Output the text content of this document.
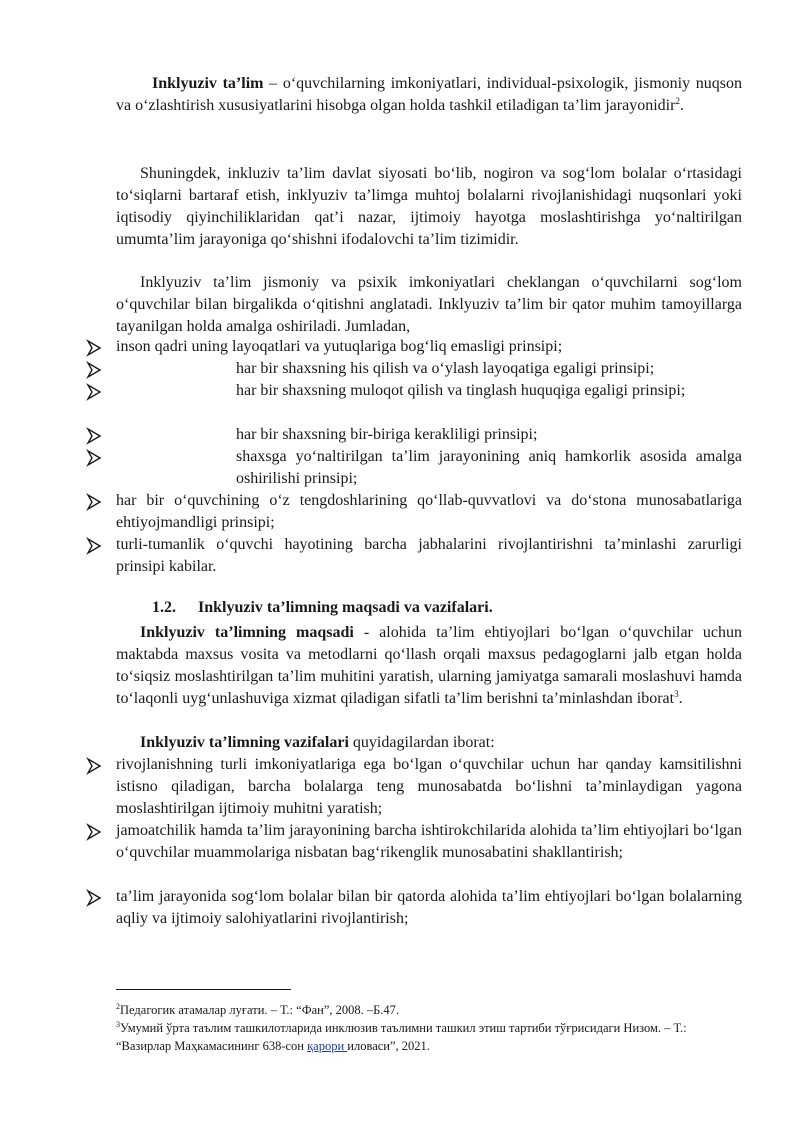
Inklyuziv ta’lim – o‘quvchilarning imkoniyatlari, individual-psixologik, jismoniy nuqson va o‘zlashtirish xususiyatlarini hisobga olgan holda tashkil etiladigan ta’lim jarayonidir$^2$.
Shuningdek, inkluziv ta’lim davlat siyosati bo‘lib, nogiron va sog‘lom bolalar o‘rtasidagi to‘siqlarni bartaraf etish, inklyuziv ta’limga muhtoj bolalarni rivojlanishidagi nuqsonlari yoki iqtisodiy qiyinchiliklaridan qat’i nazar, ijtimoiy hayotga moslashtirishga yo‘naltirilgan umumta’lim jarayoniga qo‘shishni ifodalovchi ta’lim tizimidir.
Inklyuziv ta’lim jismoniy va psixik imkoniyatlari cheklangan o‘quvchilarni sog‘lom o‘quvchilar bilan birgalikda o‘qitishni anglatadi. Inklyuziv ta’lim bir qator muhim tamoyillarga tayanilgan holda amalga oshiriladi. Jumladan,
inson qadri uning layoqatlari va yutuqlariga bog‘liq emasligi prinsipi;
har bir shaxsning his qilish va o‘ylash layoqatiga egaligi prinsipi;
har bir shaxsning muloqot qilish va tinglash huquqiga egaligi prinsipi;
har bir shaxsning bir-biriga kerakliligi prinsipi;
shaxsga yo‘naltirilgan ta’lim jarayonining aniq hamkorlik asosida amalga oshirilishi prinsipi;
har bir o‘quvchining o‘z tengdoshlarining qo‘llab-quvvatlovi va do‘stona munosabatlariga ehtiyojmandligi prinsipi;
turli-tumanlik o‘quvchi hayotining barcha jabhalarini rivojlantirishni ta’minlashi zarurligi prinsipi kabilar.
1.2. Inklyuziv ta’limning maqsadi va vazifalari.
Inklyuziv ta’limning maqsadi - alohida ta’lim ehtiyojlari bo‘lgan o‘quvchilar uchun maktabda maxsus vosita va metodlarni qo‘llash orqali maxsus pedagoglarni jalb etgan holda to‘siqsiz moslashtirilgan ta’lim muhitini yaratish, ularning jamiyatga samarali moslashuvi hamda to‘laqonli uyg‘unlashuviga xizmat qiladigan sifatli ta’lim berishni ta’minlashdan iborat$^3$.
Inklyuziv ta’limning vazifalari quyidagilardan iborat:
rivojlanishning turli imkoniyatlariga ega bo‘lgan o‘quvchilar uchun har qanday kamsitilishni istisno qiladigan, barcha bolalarga teng munosabatda bo‘lishni ta’minlaydigan yagona moslashtirilgan ijtimoiy muhitni yaratish;
jamoatchilik hamda ta’lim jarayonining barcha ishtirokchilarida alohida ta’lim ehtiyojlari bo‘lgan o‘quvchilar muammolariga nisbatan bag‘rikenglik munosabatini shakllantirish;
ta’lim jarayonida sog‘lom bolalar bilan bir qatorda alohida ta’lim ehtiyojlari bo‘lgan bolalarning aqliy va ijtimoiy salohiyatlarini rivojlantirish;
$^2$Педагогик атамалар луғати. – Т.: “Фан”, 2008. –Б.47.
$^3$Умумий ўрта таълим ташкилотларида инклюзив таълимни ташкил этиш тартиби тўғрисидаги Низом. – Т.: “Вазирлар Маҳкамасининг 638-сон қарори иловаси”, 2021.
